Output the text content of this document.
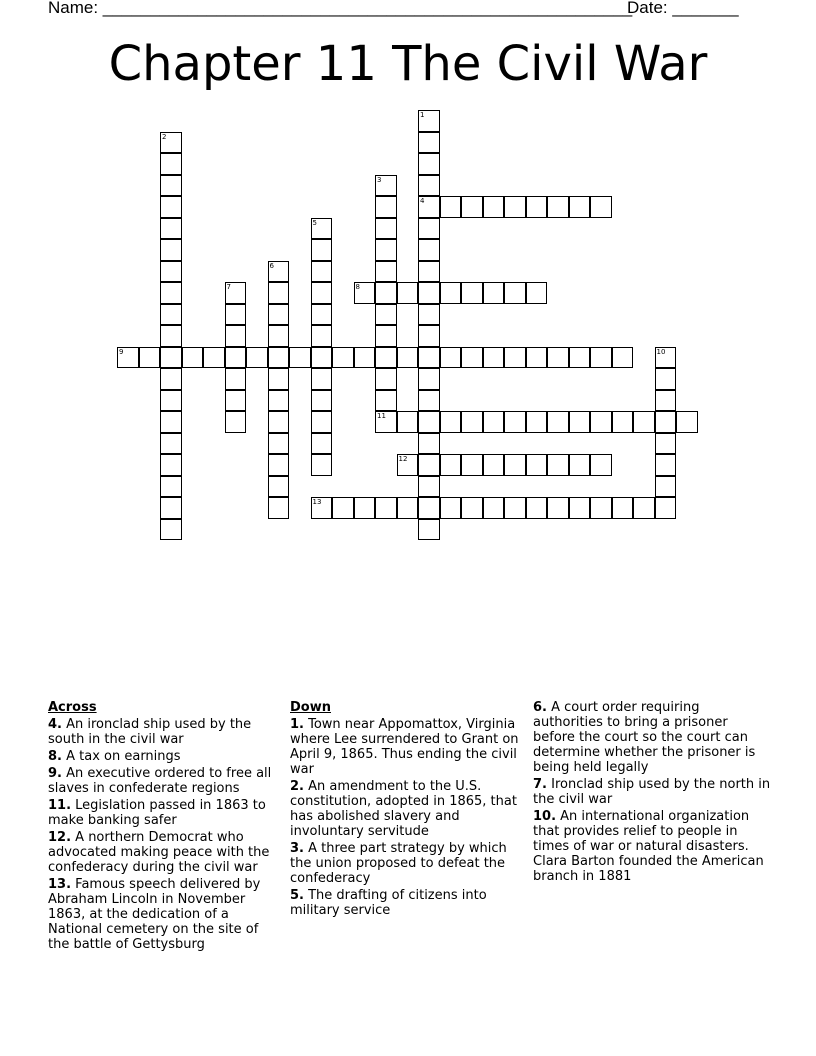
Name: ________________________________________________________
Date: _______
Chapter 11 The Civil War
1
4
2
3
11
5
6
7	8
9	10
12
13
Across
4. An ironclad ship used by the south in the civil war
8. A tax on earnings
9. An executive ordered to free all slaves in confederate regions
11. Legislation passed in 1863 to make banking safer
12. A northern Democrat who advocated making peace with the confederacy during the civil war
13. Famous speech delivered by Abraham Lincoln in November 1863, at the dedication of a National cemetery on the site of the battle of Gettysburg
Down
1. Town near Appomattox, Virginia where Lee surrendered to Grant on April 9, 1865. Thus ending the civil war
2. An amendment to the U.S. constitution, adopted in 1865, that has abolished slavery and involuntary servitude
3. A three part strategy by which the union proposed to defeat the confederacy
5. The drafting of citizens into military service
6. A court order requiring authorities to bring a prisoner before the court so the court can determine whether the prisoner is being held legally
7. Ironclad ship used by the north in the civil war
10. An international organization that provides relief to people in times of war or natural disasters. Clara Barton founded the American branch in 1881
